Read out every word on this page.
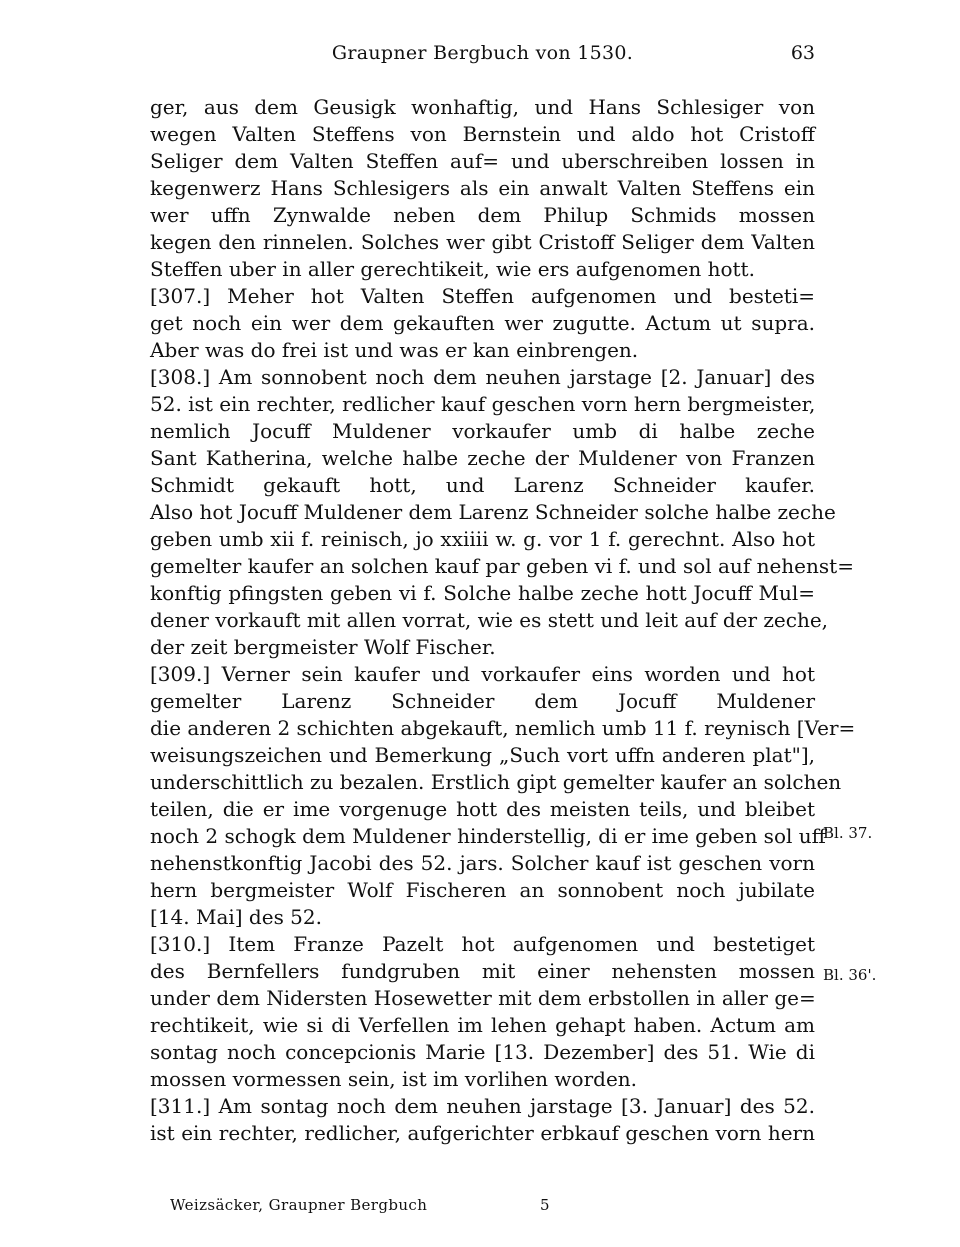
Graupner Bergbuch von 1530.	63
ger, aus dem Geusigk wonhaftig, und Hans Schlesiger von
wegen Valten Steffens von Bernstein und aldo hot Cristoff
Seliger dem Valten Steffen auf= und uberschreiben lossen in
kegenwerz Hans Schlesigers als ein anwalt Valten Steffens ein
wer uffn Zynwalde neben dem Philup Schmids mossen
kegen den rinnelen. Solches wer gibt Cristoff Seliger dem Valten
Steffen uber in aller gerechtikeit, wie ers aufgenomen hott.
[307.] Meher hot Valten Steffen aufgenomen und besteti=
get noch ein wer dem gekauften wer zugutte. Actum ut supra.
Aber was do frei ist und was er kan einbrengen.
[308.] Am sonnobent noch dem neuhen jarstage [2. Januar] des
52. ist ein rechter, redlicher kauf geschen vorn hern bergmeister,
nemlich Jocuff Muldener vorkaufer umb di halbe zeche
Sant Katherina, welche halbe zeche der Muldener von Franzen
Schmidt gekauft hott, und Larenz Schneider kaufer.
Also hot Jocuff Muldener dem Larenz Schneider solche halbe zeche
geben umb xii f. reinisch, jo xxiiii w. g. vor 1 f. gerechnt. Also hot
gemelter kaufer an solchen kauf par geben vi f. und sol auf nehenst=
konftig pfingsten geben vi f. Solche halbe zeche hott Jocuff Mul=
dener vorkauft mit allen vorrat, wie es stett und leit auf der zeche,
der zeit bergmeister Wolf Fischer.
[309.] Verner sein kaufer und vorkaufer eins worden und hot
gemelter Larenz Schneider dem Jocuff Muldener
die anderen 2 schichten abgekauft, nemlich umb 11 f. reynisch [Ver=
weisungszeichen und Bemerkung „Such vort uffn anderen plat"],
underschittlich zu bezalen. Erstlich gipt gemelter kaufer an solchen
teilen, die er ime vorgenuge hott des meisten teils, und bleibet
noch 2 schogk dem Muldener hinderstellig, di er ime geben sol uff
nehenstkonftig Jacobi des 52. jars. Solcher kauf ist geschen vorn
hern bergmeister Wolf Fischeren an sonnobent noch jubilate
[14. Mai] des 52.
[310.] Item Franze Pazelt hot aufgenomen und bestetiget
des Bernfellers fundgruben mit einer nehensten mossen
under dem Nidersten Hosewetter mit dem erbstollen in aller ge=
rechtikeit, wie si di Verfellen im lehen gehapt haben. Actum am
sontag noch concepcionis Marie [13. Dezember] des 51. Wie di
mossen vormessen sein, ist im vorlihen worden.
[311.] Am sontag noch dem neuhen jarstage [3. Januar] des 52.
ist ein rechter, redlicher, aufgerichter erbkauf geschen vorn hern
Bl. 37.
Bl. 36'.
Weizsäcker, Graupner Bergbuch	5
